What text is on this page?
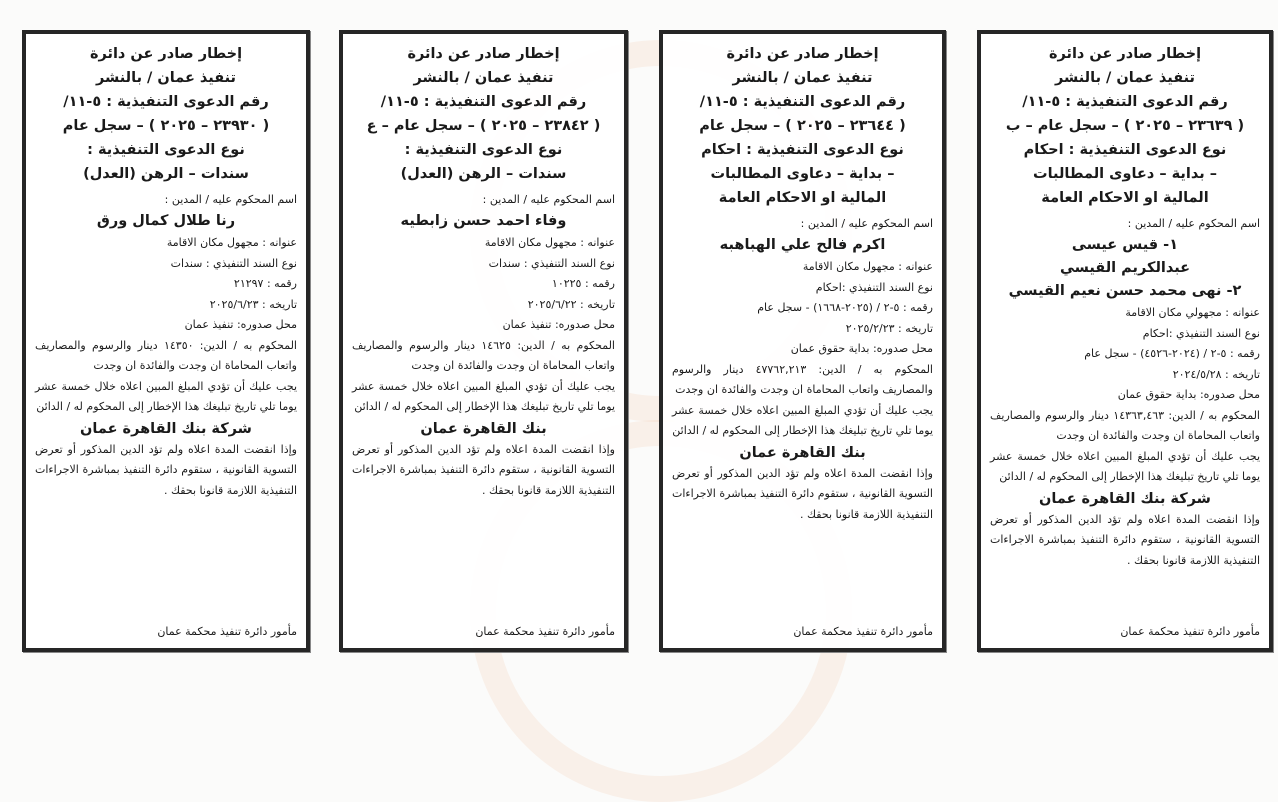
إخطار صادر عن دائرة
تنفيذ عمان / بالنشر
رقم الدعوى التنفيذية : ٥-١١/
( ٢٣٩٣٠ – ٢٠٢٥ ) – سجل عام
نوع الدعوى التنفيذية :
سندات – الرهن (العدل)
اسم المحكوم عليه / المدين :
رنا طلال كمال ورق
عنوانه : مجهول مكان الاقامة
نوع السند التنفيذي : سندات
رقمه : ٢١٢٩٧
تاريخه : ٢٠٢٥/٦/٢٣
محل صدوره: تنفيذ عمان
المحكوم به / الدين: ١٤٣٥٠ دينار والرسوم والمصاريف واتعاب المحاماة ان وجدت والفائدة ان وجدت
يجب عليك أن تؤدي المبلغ المبين اعلاه خلال خمسة عشر يوما تلي تاريخ تبليغك هذا الإخطار إلى المحكوم له / الدائن
شركة بنك القاهرة عمان
وإذا انقضت المدة اعلاه ولم تؤد الدين المذكور أو تعرض التسوية القانونية ، ستقوم دائرة التنفيذ بمباشرة الاجراءات التنفيذية اللازمة قانونا بحقك .
مأمور دائرة تنفيذ محكمة عمان
إخطار صادر عن دائرة
تنفيذ عمان / بالنشر
رقم الدعوى التنفيذية : ٥-١١/
( ٢٣٨٤٢ – ٢٠٢٥ ) – سجل عام – ع
نوع الدعوى التنفيذية :
سندات – الرهن (العدل)
اسم المحكوم عليه / المدين :
وفاء احمد حسن زابطيه
عنوانه : مجهول مكان الاقامة
نوع السند التنفيذي : سندات
رقمه : ١٠٢٢٥
تاريخه : ٢٠٢٥/٦/٢٢
محل صدوره: تنفيذ عمان
المحكوم به / الدين: ١٤٦٢٥ دينار والرسوم والمصاريف واتعاب المحاماة ان وجدت والفائدة ان وجدت
يجب عليك أن تؤدي المبلغ المبين اعلاه خلال خمسة عشر يوما تلي تاريخ تبليغك هذا الإخطار إلى المحكوم له / الدائن
بنك القاهرة عمان
وإذا انقضت المدة اعلاه ولم تؤد الدين المذكور أو تعرض التسوية القانونية ، ستقوم دائرة التنفيذ بمباشرة الاجراءات التنفيذية اللازمة قانونا بحقك .
مأمور دائرة تنفيذ محكمة عمان
إخطار صادر عن دائرة
تنفيذ عمان / بالنشر
رقم الدعوى التنفيذية : ٥-١١/
( ٢٣٦٤٤ – ٢٠٢٥ ) – سجل عام
نوع الدعوى التنفيذية : احكام
– بداية – دعاوى المطالبات
المالية او الاحكام العامة
اسم المحكوم عليه / المدين :
اكرم فالح علي الهباهبه
عنوانه : مجهول مكان الاقامة
نوع السند التنفيذي :احكام
رقمه : ٥-٢ / (٢٠٢٥-١٦٦٨) - سجل عام
تاريخه : ٢٠٢٥/٢/٢٣
محل صدوره: بداية حقوق عمان
المحكوم به / الدين: ٤٧٧٦٢,٢١٣ دينار والرسوم والمصاريف واتعاب المحاماة ان وجدت والفائدة ان وجدت
يجب عليك أن تؤدي المبلغ المبين اعلاه خلال خمسة عشر يوما تلي تاريخ تبليغك هذا الإخطار إلى المحكوم له / الدائن
بنك القاهرة عمان
وإذا انقضت المدة اعلاه ولم تؤد الدين المذكور أو تعرض التسوية القانونية ، ستقوم دائرة التنفيذ بمباشرة الاجراءات التنفيذية اللازمة قانونا بحقك .
مأمور دائرة تنفيذ محكمة عمان
إخطار صادر عن دائرة
تنفيذ عمان / بالنشر
رقم الدعوى التنفيذية : ٥-١١/
( ٢٣٦٣٩ – ٢٠٢٥ ) – سجل عام – ب
نوع الدعوى التنفيذية : احكام
– بداية – دعاوى المطالبات
المالية او الاحكام العامة
اسم المحكوم عليه / المدين :
١- قيس عيسى
عبدالكريم القيسي
٢- نهى محمد حسن نعيم القيسي
عنوانه : مجهولي مكان الاقامة
نوع السند التنفيذي :احكام
رقمه : ٥-٢ / (٢٠٢٤-٤٥٢٦) - سجل عام
تاريخه : ٢٠٢٤/٥/٢٨
محل صدوره: بداية حقوق عمان
المحكوم به / الدين: ١٤٣٦٣,٤٦٣ دينار والرسوم والمصاريف واتعاب المحاماة ان وجدت والفائدة ان وجدت
يجب عليك أن تؤدي المبلغ المبين اعلاه خلال خمسة عشر يوما تلي تاريخ تبليغك هذا الإخطار إلى المحكوم له / الدائن
شركة بنك القاهرة عمان
وإذا انقضت المدة اعلاه ولم تؤد الدين المذكور أو تعرض التسوية القانونية ، ستقوم دائرة التنفيذ بمباشرة الاجراءات التنفيذية اللازمة قانونا بحقك .
مأمور دائرة تنفيذ محكمة عمان
